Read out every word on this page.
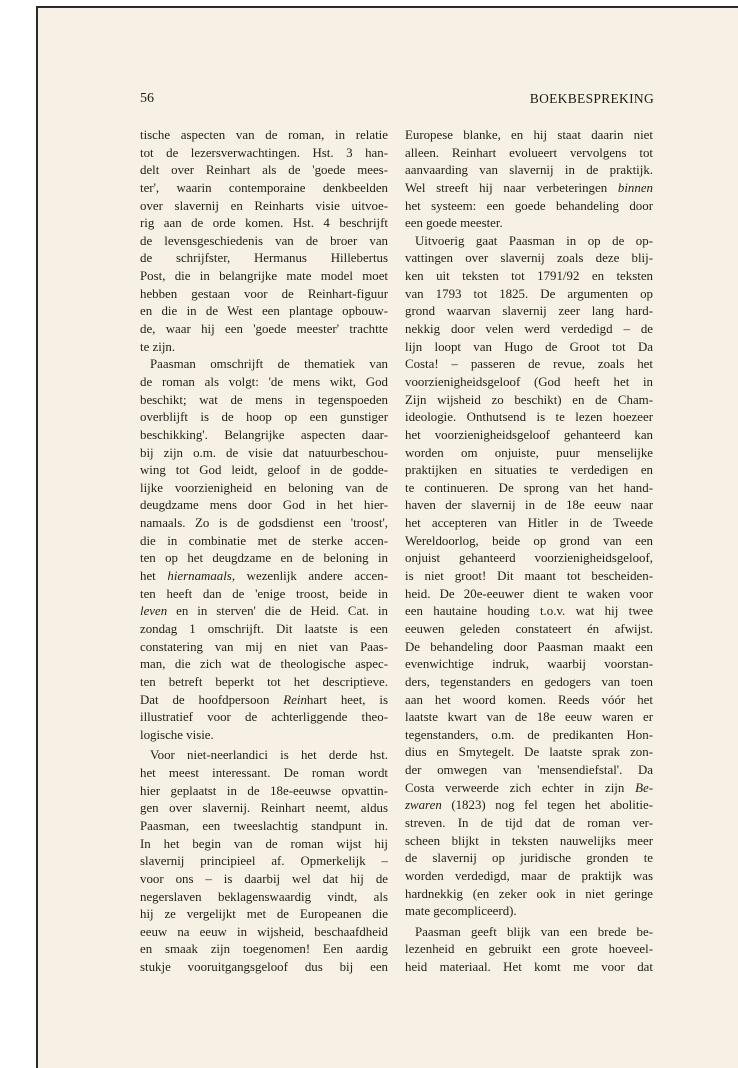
56	BOEKBESPREKING
tische aspecten van de roman, in relatie
tot de lezersverwachtingen. Hst. 3 han-
delt over Reinhart als de 'goede mees-
ter', waarin contemporaine denkbeelden
over slavernij en Reinharts visie uitvoe-
rig aan de orde komen. Hst. 4 beschrijft
de levensgeschiedenis van de broer van
de schrijfster, Hermanus Hillebertus
Post, die in belangrijke mate model moet
hebben gestaan voor de Reinhart-figuur
en die in de West een plantage opbouw-
de, waar hij een 'goede meester' trachtte
te zijn.
Paasman omschrijft de thematiek van
de roman als volgt: 'de mens wikt, God
beschikt; wat de mens in tegenspoeden
overblijft is de hoop op een gunstiger
beschikking'. Belangrijke aspecten daar-
bij zijn o.m. de visie dat natuurbeschou-
wing tot God leidt, geloof in de godde-
lijke voorzienigheid en beloning van de
deugdzame mens door God in het hier-
namaals. Zo is de godsdienst een 'troost',
die in combinatie met de sterke accen-
ten op het deugdzame en de beloning in
het hiernamaals, wezenlijk andere accen-
ten heeft dan de 'enige troost, beide in
leven en in sterven' die de Heid. Cat. in
zondag 1 omschrijft. Dit laatste is een
constatering van mij en niet van Paas-
man, die zich wat de theologische aspec-
ten betreft beperkt tot het descriptieve.
Dat de hoofdpersoon Reinhart heet, is
illustratief voor de achterliggende theo-
logische visie.
Voor niet-neerlandici is het derde hst.
het meest interessant. De roman wordt
hier geplaatst in de 18e-eeuwse opvattin-
gen over slavernij. Reinhart neemt, aldus
Paasman, een tweeslachtig standpunt in.
In het begin van de roman wijst hij
slavernij principieel af. Opmerkelijk –
voor ons – is daarbij wel dat hij de
negerslaven beklagenswaardig vindt, als
hij ze vergelijkt met de Europeanen die
eeuw na eeuw in wijsheid, beschaafdheid
en smaak zijn toegenomen! Een aardig
stukje vooruitgangsgeloof dus bij een
Europese blanke, en hij staat daarin niet
alleen. Reinhart evolueert vervolgens tot
aanvaarding van slavernij in de praktijk.
Wel streeft hij naar verbeteringen binnen
het systeem: een goede behandeling door
een goede meester.
Uitvoerig gaat Paasman in op de op-
vattingen over slavernij zoals deze blij-
ken uit teksten tot 1791/92 en teksten
van 1793 tot 1825. De argumenten op
grond waarvan slavernij zeer lang hard-
nekkig door velen werd verdedigd – de
lijn loopt van Hugo de Groot tot Da
Costa! – passeren de revue, zoals het
voorzienigheidsgeloof (God heeft het in
Zijn wijsheid zo beschikt) en de Cham-
ideologie. Onthutsend is te lezen hoezeer
het voorzienigheidsgeloof gehanteerd kan
worden om onjuiste, puur menselijke
praktijken en situaties te verdedigen en
te continueren. De sprong van het hand-
haven der slavernij in de 18e eeuw naar
het accepteren van Hitler in de Tweede
Wereldoorlog, beide op grond van een
onjuist gehanteerd voorzienigheidsgeloof,
is niet groot! Dit maant tot bescheiden-
heid. De 20e-eeuwer dient te waken voor
een hautaine houding t.o.v. wat hij twee
eeuwen geleden constateert én afwijst.
De behandeling door Paasman maakt een
evenwichtige indruk, waarbij voorstan-
ders, tegenstanders en gedogers van toen
aan het woord komen. Reeds vóór het
laatste kwart van de 18e eeuw waren er
tegenstanders, o.m. de predikanten Hon-
dius en Smytegelt. De laatste sprak zon-
der omwegen van 'mensendiefstal'. Da
Costa verweerde zich echter in zijn Be-
zwaren (1823) nog fel tegen het abolitie-
streven. In de tijd dat de roman ver-
scheen blijkt in teksten nauwelijks meer
de slavernij op juridische gronden te
worden verdedigd, maar de praktijk was
hardnekkig (en zeker ook in niet geringe
mate gecompliceerd).
Paasman geeft blijk van een brede be-
lezenheid en gebruikt een grote hoeveel-
heid materiaal. Het komt me voor dat
